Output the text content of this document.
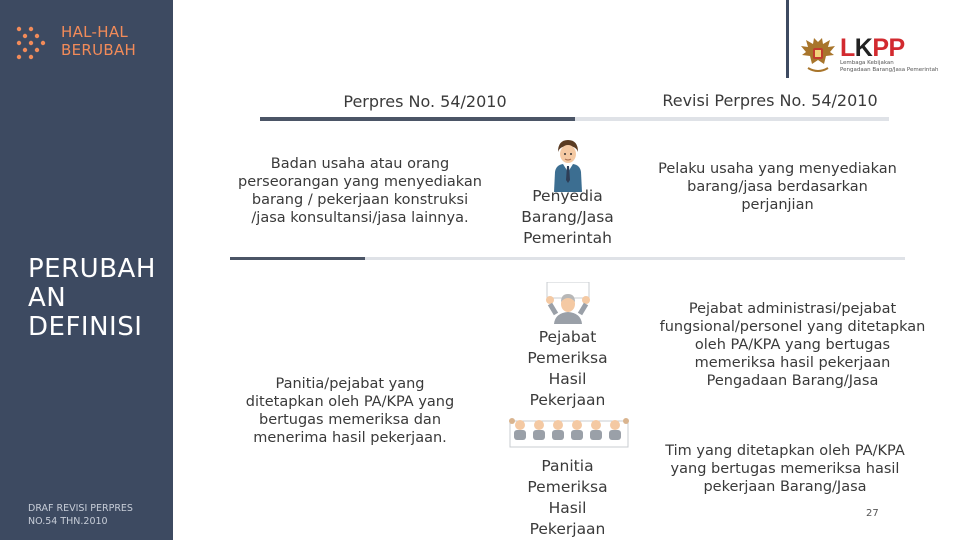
HAL-HAL
BERUBAH
PERUBAH
AN
DEFINISI
DRAF REVISI PERPRES
NO.54 THN.2010
LKPP
Lembaga Kebijakan
Pengadaan Barang/Jasa Pemerintah
Perpres No. 54/2010	Revisi Perpres No. 54/2010
Badan usaha atau orang
perseorangan yang menyediakan
barang / pekerjaan konstruksi
/jasa konsultansi/jasa lainnya.
Penyedia
Barang/Jasa
Pemerintah
Pelaku usaha yang menyediakan
barang/jasa berdasarkan
perjanjian
Pejabat
Pemeriksa
Hasil
Pekerjaan
Panitia/pejabat yang
ditetapkan oleh PA/KPA yang
bertugas memeriksa dan
menerima hasil pekerjaan.
Pejabat administrasi/pejabat
fungsional/personel yang ditetapkan
oleh PA/KPA yang bertugas
memeriksa hasil pekerjaan
Pengadaan Barang/Jasa
Panitia
Pemeriksa
Hasil
Pekerjaan
Tim yang ditetapkan oleh PA/KPA
yang bertugas memeriksa hasil
pekerjaan Barang/Jasa
27
